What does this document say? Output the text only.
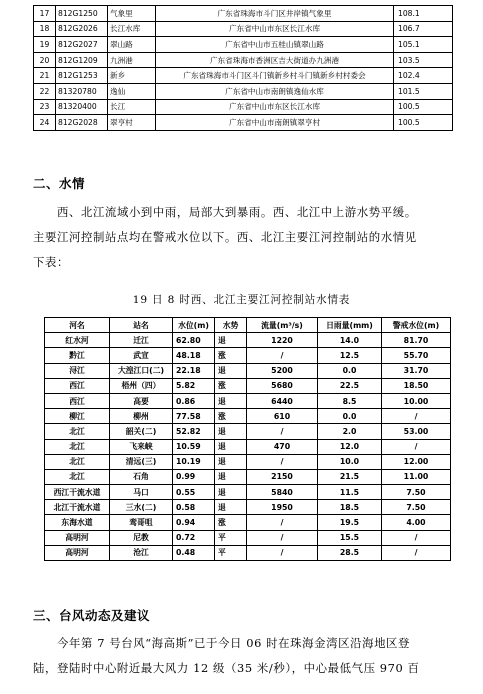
17	812G1250	气象里	广东省珠海市斗门区井岸镇气象里	108.1
18	812G2026	长江水库	广东省中山市东区长江水库	106.7
19	812G2027	翠山路	广东省中山市五桂山镇翠山路	105.1
20	812G1209	九洲港	广东省珠海市香洲区吉大街道办九洲港	103.5
21	812G1253	新乡	广东省珠海市斗门区斗门镇新乡村斗门镇新乡村村委会	102.4
22	81320780	逸仙	广东省中山市南朗镇逸仙水库	101.5
23	81320400	长江	广东省中山市东区长江水库	100.5
24	812G2028	翠亨村	广东省中山市南朗镇翠亨村	100.5
二、水情

西、北江流域小到中雨，局部大到暴雨。西、北江中上游水势平缓。
主要江河控制站点均在警戒水位以下。西、北江主要江河控制站的水情见
下表：

19 日 8 时西、北江主要江河控制站水情表
河名	站名	水位(m)	水势	流量(m³/s)	日雨量(mm)	警戒水位(m)
红水河	迁江	62.80	退	1220	14.0	81.70
黔江	武宣	48.18	涨	/	12.5	55.70
浔江	大湟江口(二)	22.18	退	5200	0.0	31.70
西江	梧州（四）	5.82	涨	5680	22.5	18.50
西江	高要	0.86	退	6440	8.5	10.00
柳江	柳州	77.58	涨	610	0.0	/
北江	韶关(二)	52.82	退	/	2.0	53.00
北江	飞来峡	10.59	退	470	12.0	/
北江	清远(三)	10.19	退	/	10.0	12.00
北江	石角	0.99	退	2150	21.5	11.00
西江干流水道	马口	0.55	退	5840	11.5	7.50
北江干流水道	三水(二)	0.58	退	1950	18.5	7.50
东海水道	鸾哥咀	0.94	涨	/	19.5	4.00
高明河	尼教	0.72	平	/	15.5	/
高明河	沧江	0.48	平	/	28.5	/
三、台风动态及建议

今年第 7 号台风“海高斯”已于今日 06 时在珠海金湾区沿海地区登
陆，登陆时中心附近最大风力 12 级（35 米/秒），中心最低气压 970 百
